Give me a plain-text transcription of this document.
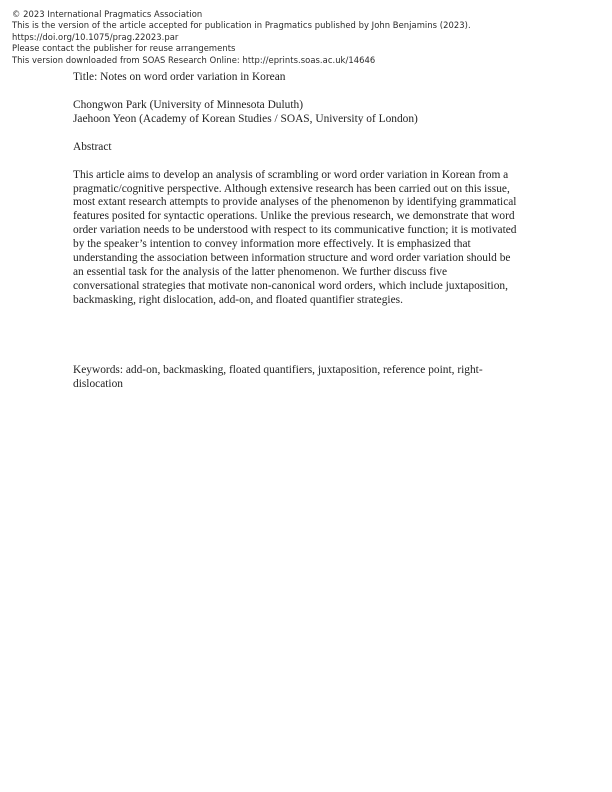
© 2023 International Pragmatics Association
This is the version of the article accepted for publication in Pragmatics published by John Benjamins (2023).
https://doi.org/10.1075/prag.22023.par
Please contact the publisher for reuse arrangements
This version downloaded from SOAS Research Online: http://eprints.soas.ac.uk/14646

Title: Notes on word order variation in Korean

Chongwon Park (University of Minnesota Duluth)
Jaehoon Yeon (Academy of Korean Studies / SOAS, University of London)

Abstract

This article aims to develop an analysis of scrambling or word order variation in Korean from a
pragmatic/cognitive perspective. Although extensive research has been carried out on this issue,
most extant research attempts to provide analyses of the phenomenon by identifying grammatical
features posited for syntactic operations. Unlike the previous research, we demonstrate that word
order variation needs to be understood with respect to its communicative function; it is motivated
by the speaker’s intention to convey information more effectively. It is emphasized that
understanding the association between information structure and word order variation should be
an essential task for the analysis of the latter phenomenon. We further discuss five
conversational strategies that motivate non-canonical word orders, which include juxtaposition,
backmasking, right dislocation, add-on, and floated quantifier strategies.

Keywords: add-on, backmasking, floated quantifiers, juxtaposition, reference point, right-
dislocation
